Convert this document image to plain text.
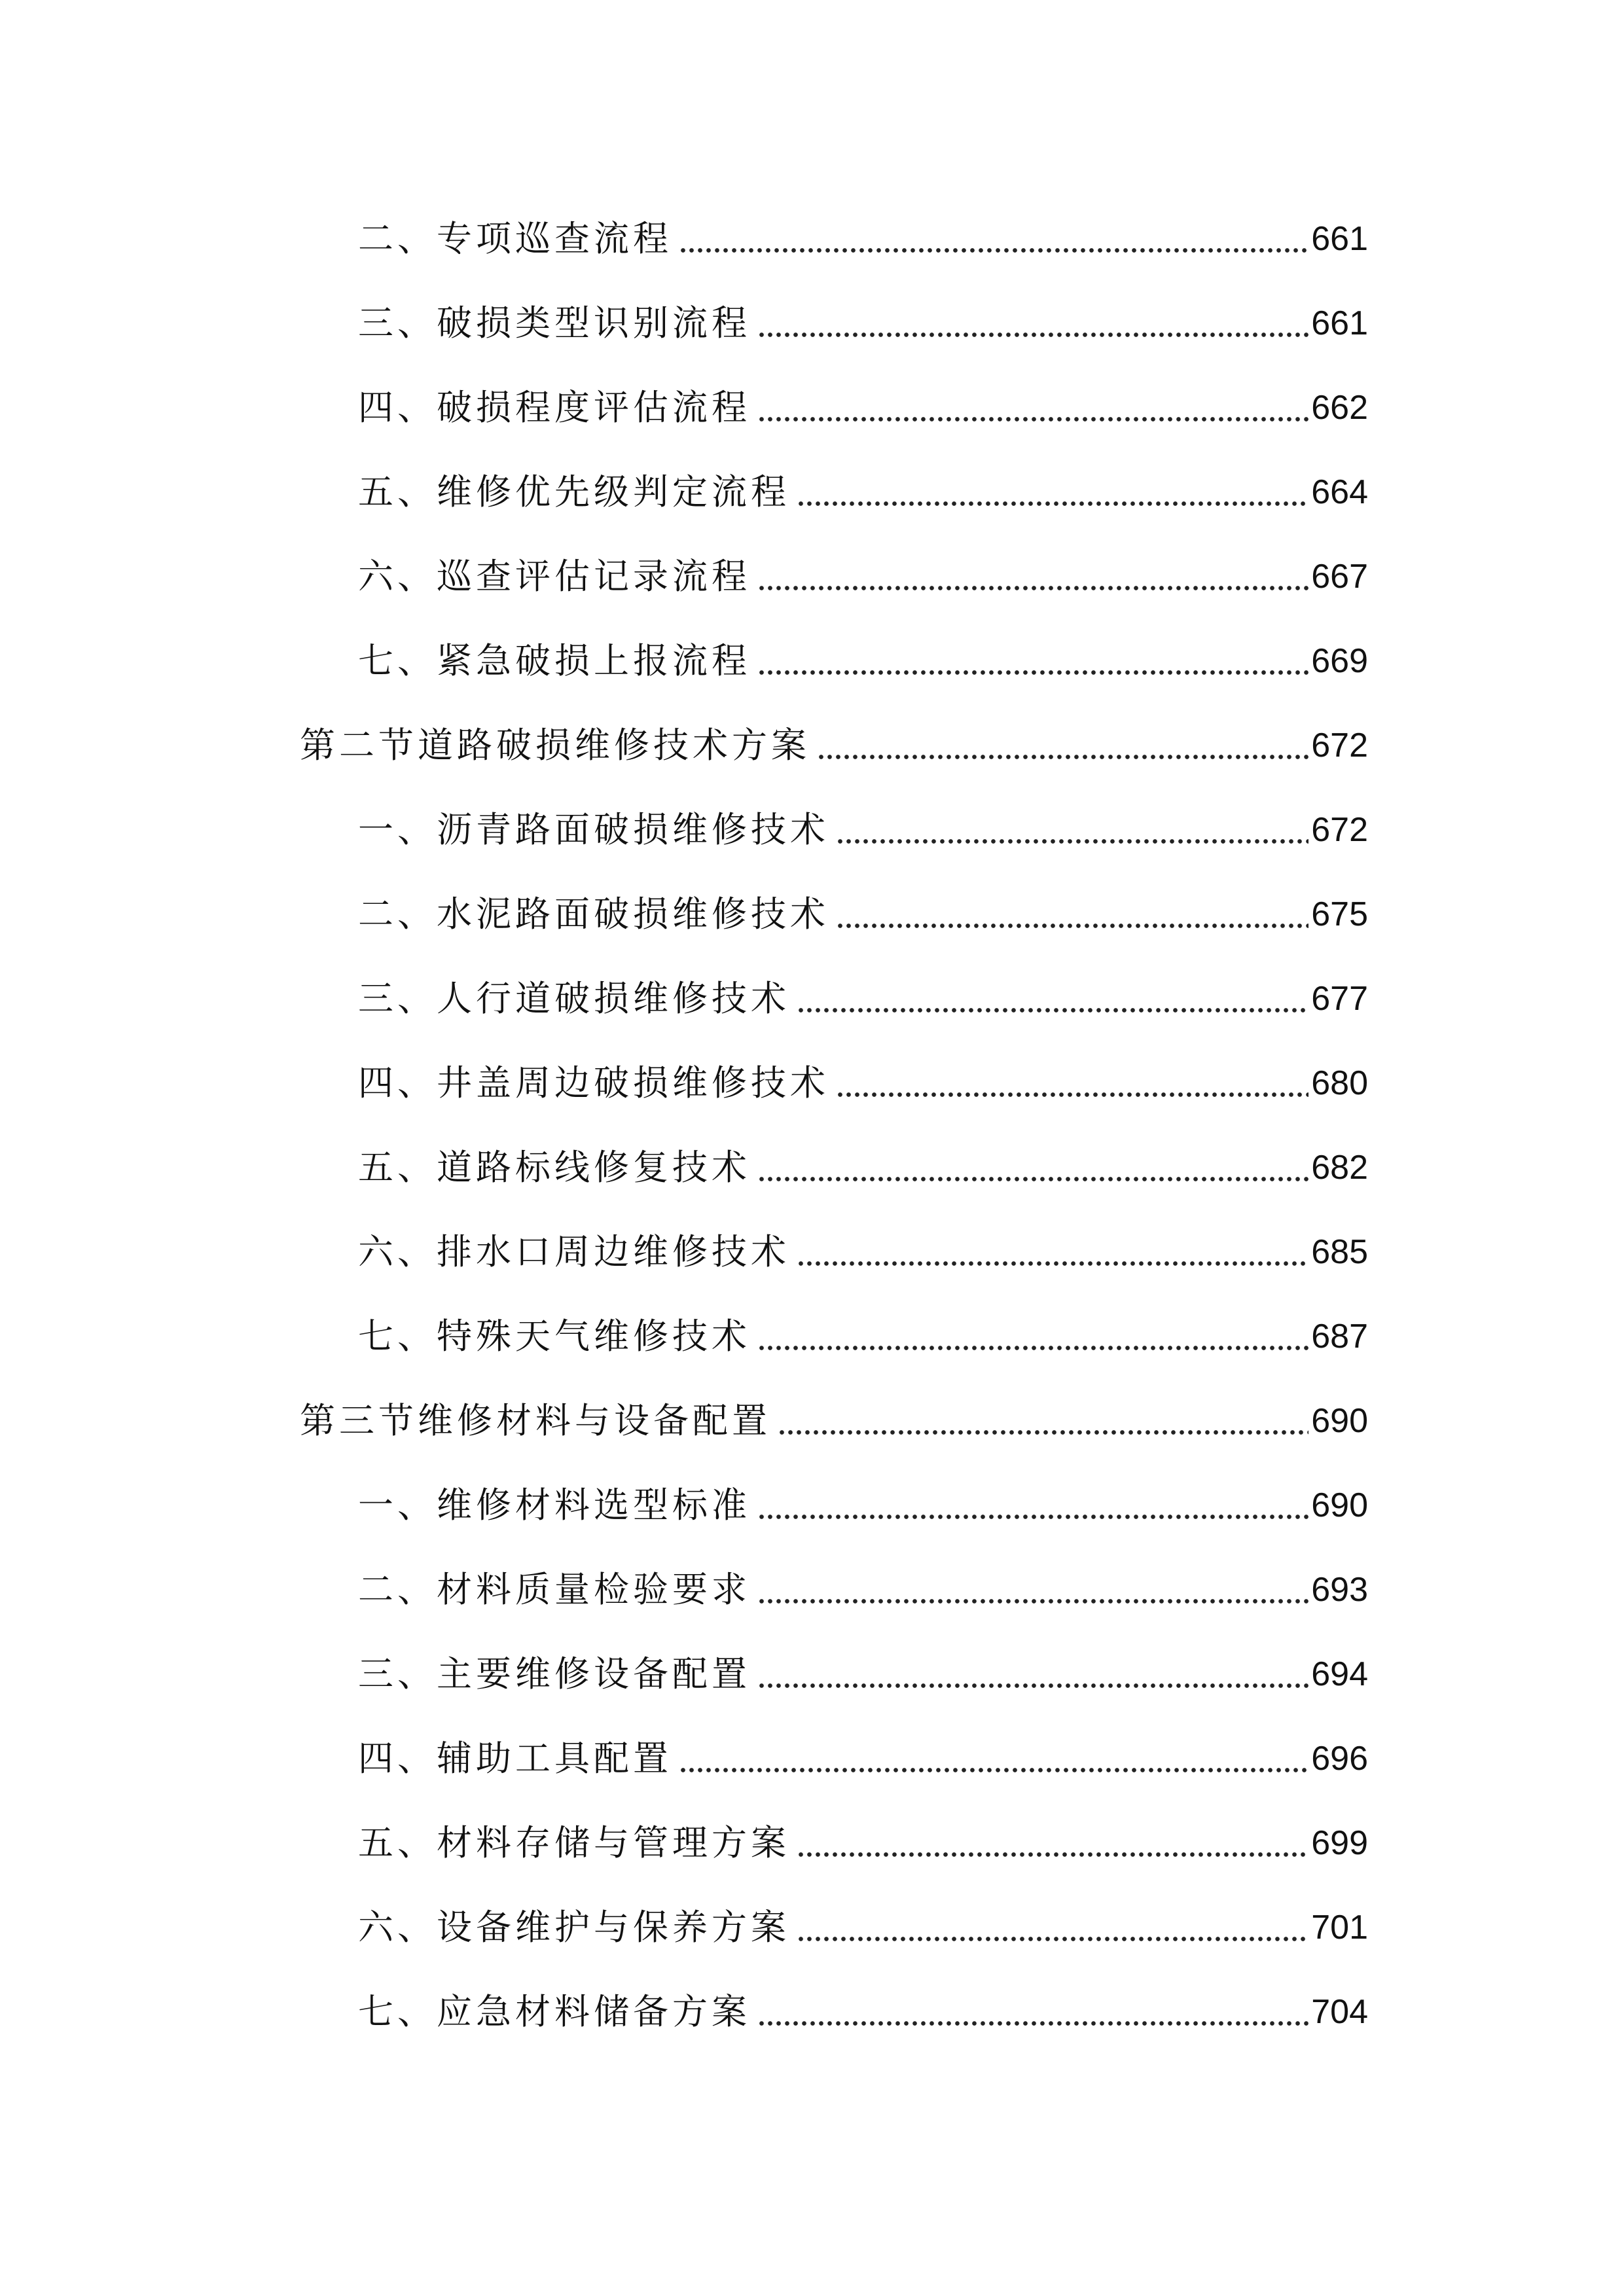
二、专项巡查流程	661
三、破损类型识别流程	661
四、破损程度评估流程	662
五、维修优先级判定流程	664
六、巡查评估记录流程	667
七、紧急破损上报流程	669
第二节道路破损维修技术方案	672
一、沥青路面破损维修技术	672
二、水泥路面破损维修技术	675
三、人行道破损维修技术	677
四、井盖周边破损维修技术	680
五、道路标线修复技术	682
六、排水口周边维修技术	685
七、特殊天气维修技术	687
第三节维修材料与设备配置	690
一、维修材料选型标准	690
二、材料质量检验要求	693
三、主要维修设备配置	694
四、辅助工具配置	696
五、材料存储与管理方案	699
六、设备维护与保养方案	701
七、应急材料储备方案	704
